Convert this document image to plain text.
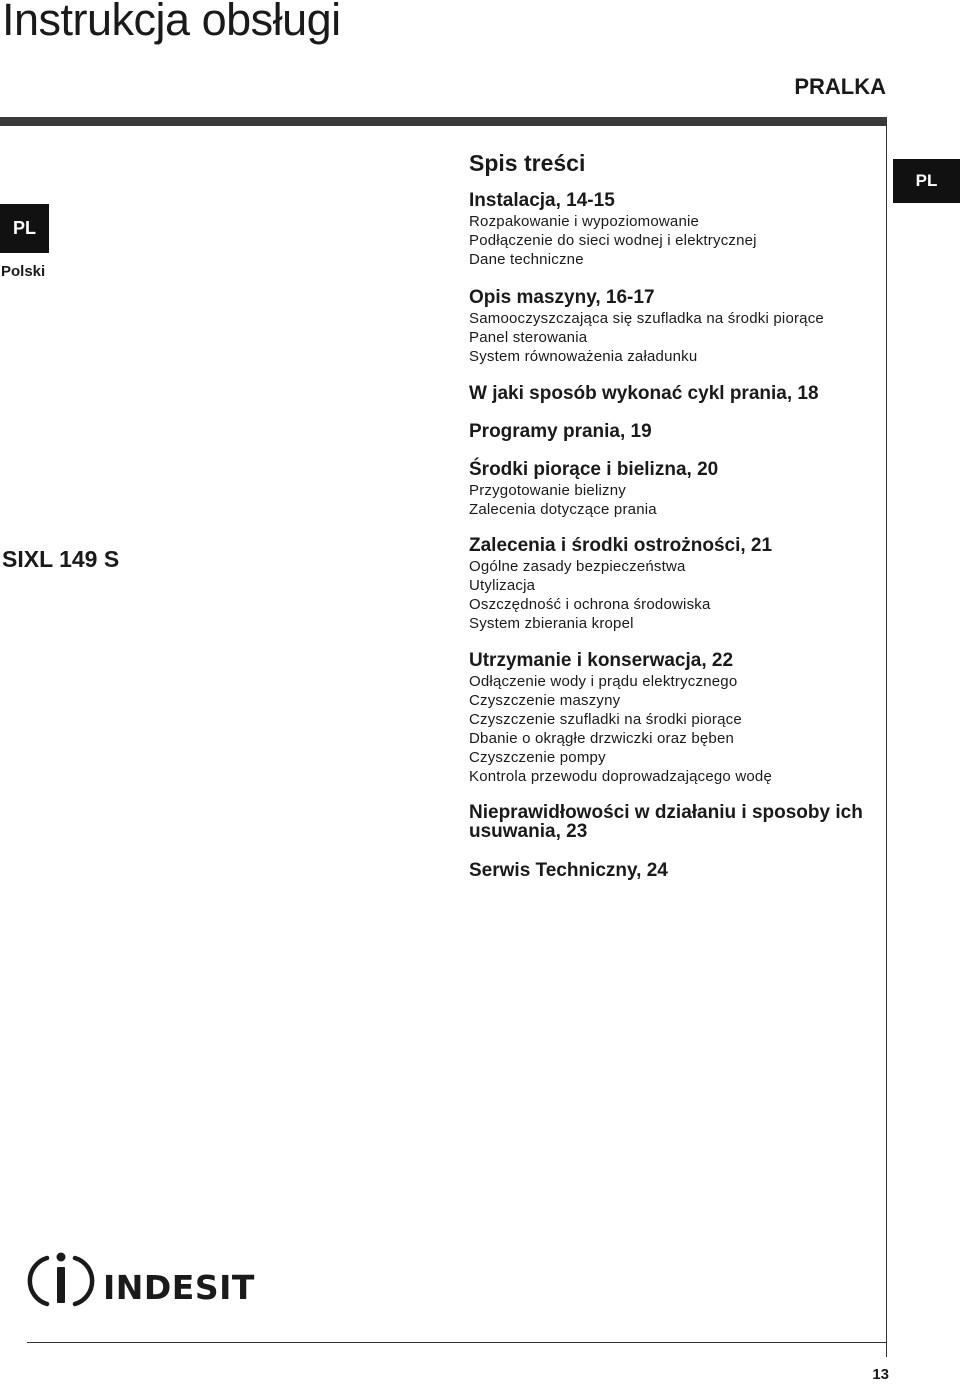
Instrukcja obsługi
PRALKA
PL
Polski
PL
SIXL 149 S
Spis treści
Instalacja, 14-15
Rozpakowanie i wypoziomowanie
Podłączenie do sieci wodnej i elektrycznej
Dane techniczne
Opis maszyny, 16-17
Samooczyszczająca się szufladka na środki piorące
Panel sterowania
System równoważenia załadunku
W jaki sposób wykonać cykl prania, 18
Programy prania, 19
Środki piorące i bielizna, 20
Przygotowanie bielizny
Zalecenia dotyczące prania
Zalecenia i środki ostrożności, 21
Ogólne zasady bezpieczeństwa
Utylizacja
Oszczędność i ochrona środowiska
System zbierania kropel
Utrzymanie i konserwacja, 22
Odłączenie wody i prądu elektrycznego
Czyszczenie maszyny
Czyszczenie szufladki na środki piorące
Dbanie o okrągłe drzwiczki oraz bęben
Czyszczenie pompy
Kontrola przewodu doprowadzającego wodę
Nieprawidłowości w działaniu i sposoby ich usuwania, 23
Serwis Techniczny, 24
INDESIT
13
